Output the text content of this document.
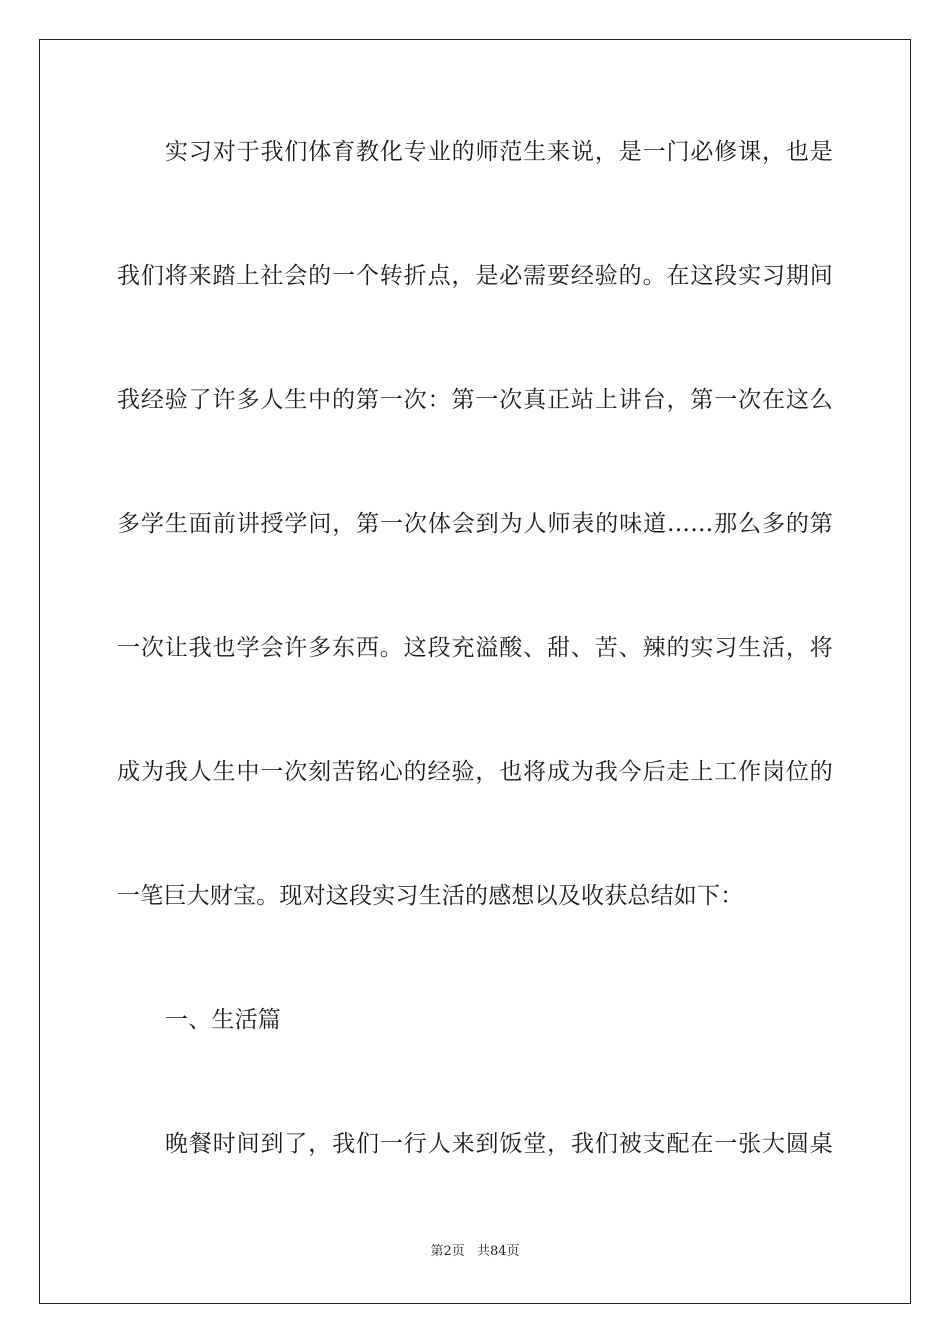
实习对于我们体育教化专业的师范生来说，是一门必修课，也是
我们将来踏上社会的一个转折点，是必需要经验的。在这段实习期间
我经验了许多人生中的第一次：第一次真正站上讲台，第一次在这么
多学生面前讲授学问，第一次体会到为人师表的味道……那么多的第
一次让我也学会许多东西。这段充溢酸、甜、苦、辣的实习生活，将
成为我人生中一次刻苦铭心的经验，也将成为我今后走上工作岗位的
一笔巨大财宝。现对这段实习生活的感想以及收获总结如下：
一、生活篇
晚餐时间到了，我们一行人来到饭堂，我们被支配在一张大圆桌
第2页 共84页
